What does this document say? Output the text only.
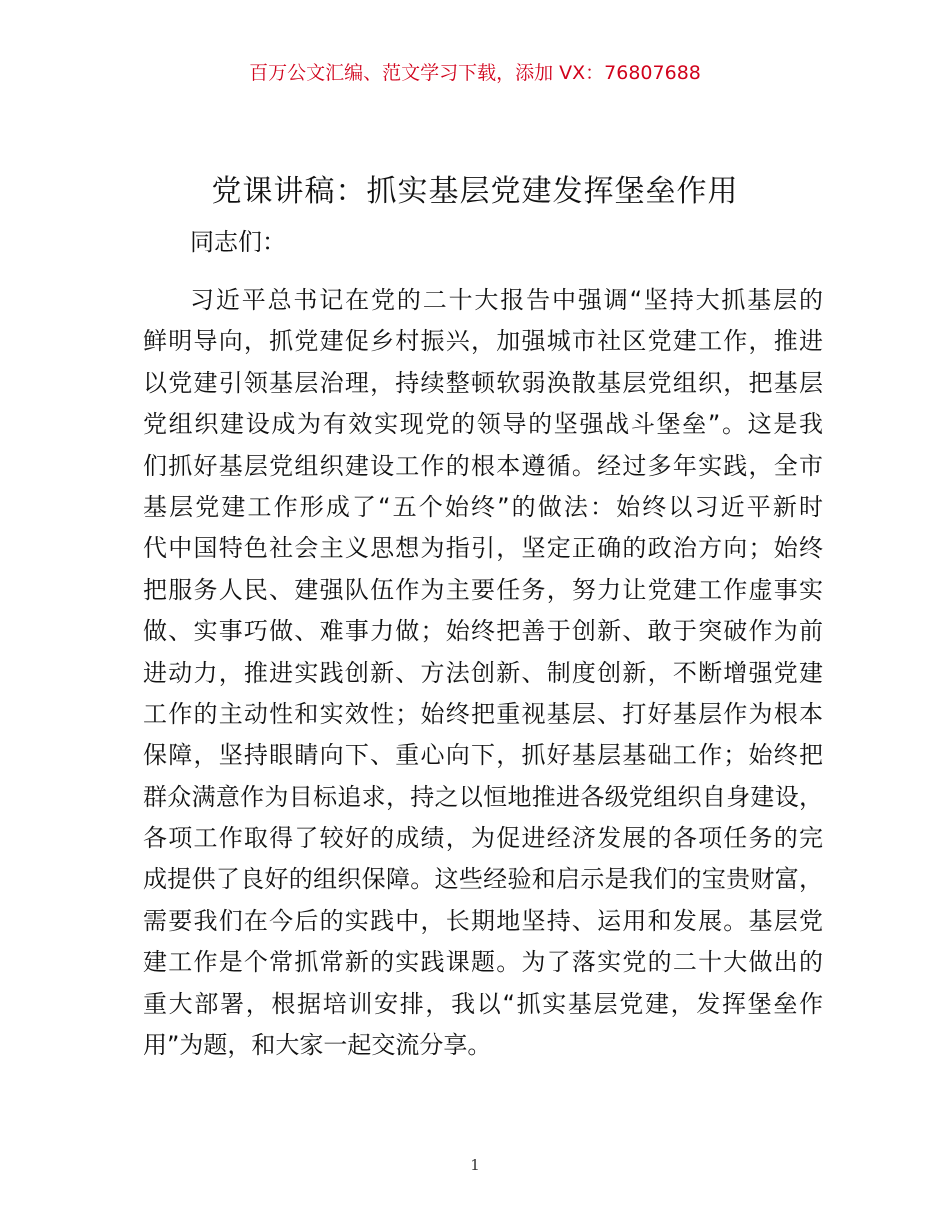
百万公文汇编、范文学习下载，添加 VX：76807688
党课讲稿：抓实基层党建发挥堡垒作用

同志们：

习近平总书记在党的二十大报告中强调“坚持大抓基层的
鲜明导向，抓党建促乡村振兴，加强城市社区党建工作，推进
以党建引领基层治理，持续整顿软弱涣散基层党组织，把基层
党组织建设成为有效实现党的领导的坚强战斗堡垒”。这是我
们抓好基层党组织建设工作的根本遵循。经过多年实践，全市
基层党建工作形成了“五个始终”的做法：始终以习近平新时
代中国特色社会主义思想为指引，坚定正确的政治方向；始终
把服务人民、建强队伍作为主要任务，努力让党建工作虚事实
做、实事巧做、难事力做；始终把善于创新、敢于突破作为前
进动力，推进实践创新、方法创新、制度创新，不断增强党建
工作的主动性和实效性；始终把重视基层、打好基层作为根本
保障，坚持眼睛向下、重心向下，抓好基层基础工作；始终把
群众满意作为目标追求，持之以恒地推进各级党组织自身建设，
各项工作取得了较好的成绩，为促进经济发展的各项任务的完
成提供了良好的组织保障。这些经验和启示是我们的宝贵财富，
需要我们在今后的实践中，长期地坚持、运用和发展。基层党
建工作是个常抓常新的实践课题。为了落实党的二十大做出的
重大部署，根据培训安排，我以“抓实基层党建，发挥堡垒作
用”为题，和大家一起交流分享。
1
